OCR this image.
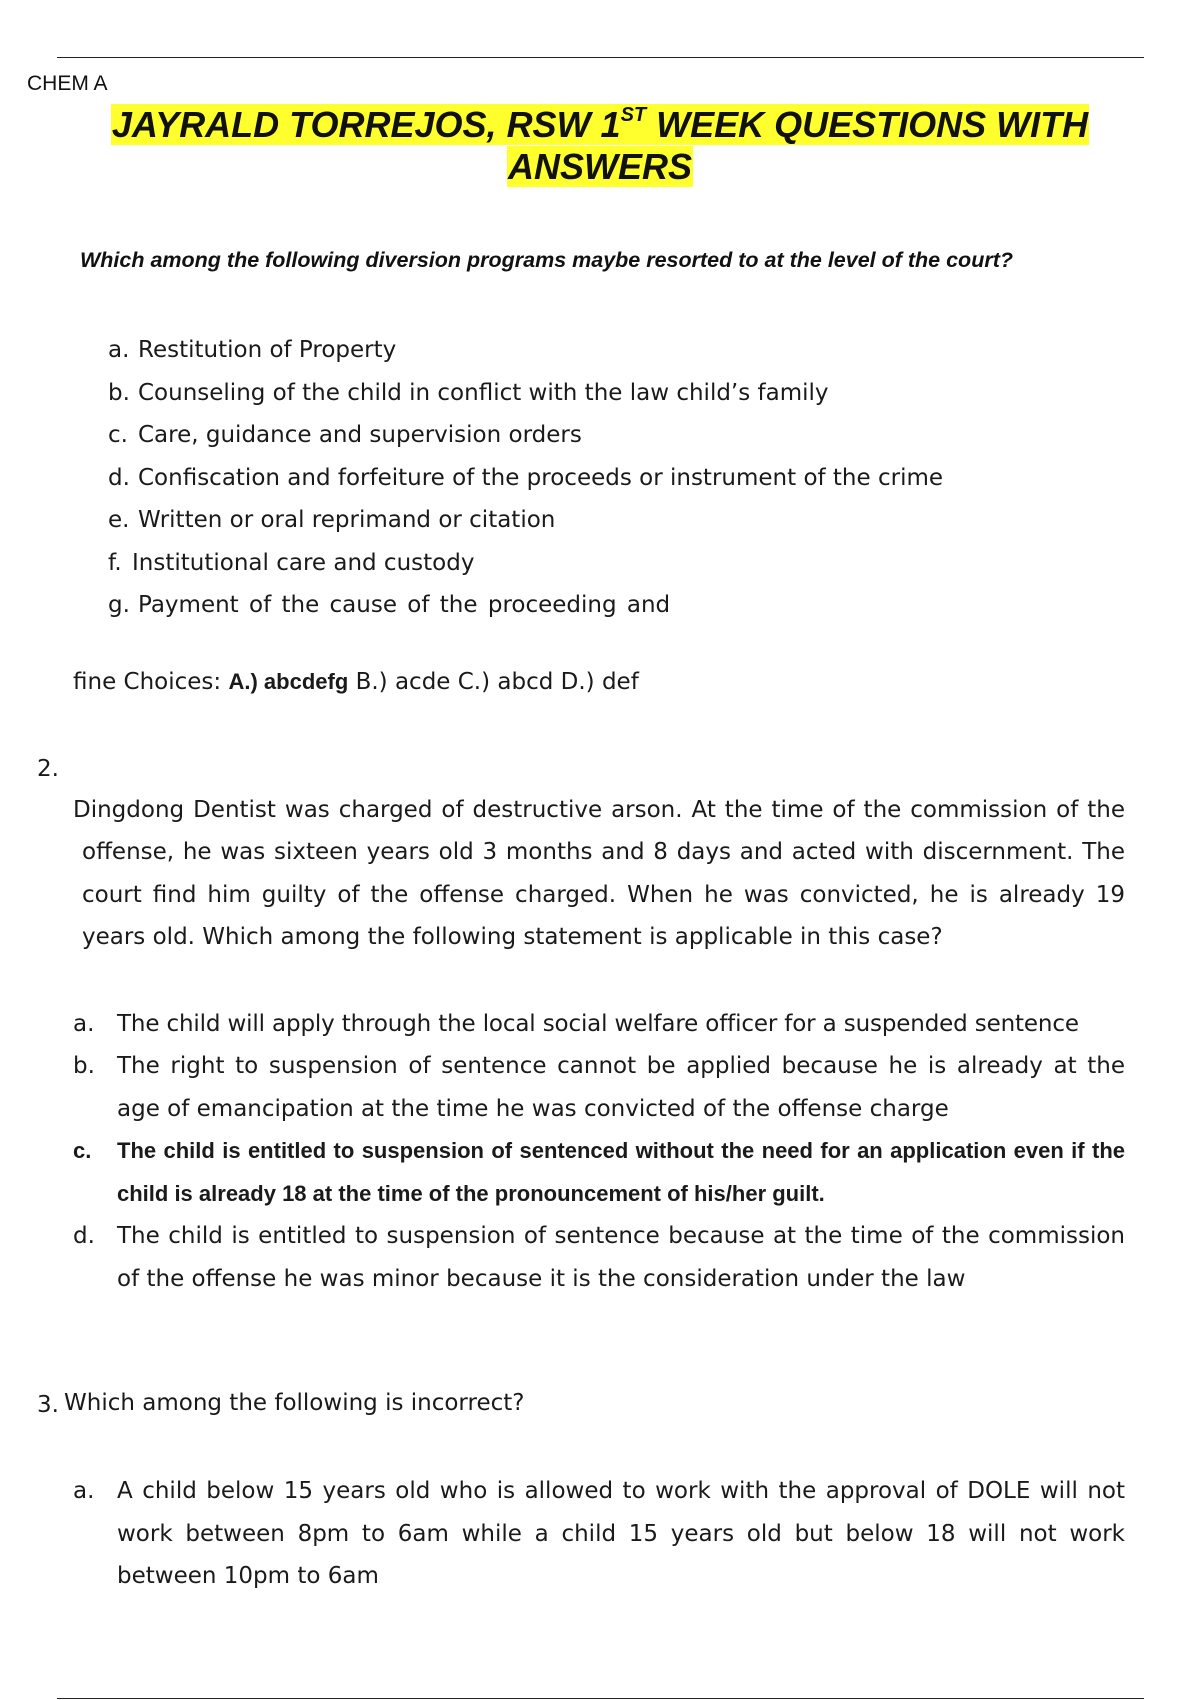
CHEM A
JAYRALD TORREJOS, RSW 1ST WEEK QUESTIONS WITH
ANSWERS
Which among the following diversion programs maybe resorted to at the level of the court?
a. Restitution of Property
b. Counseling of the child in conflict with the law child’s family
c. Care, guidance and supervision orders
d. Confiscation and forfeiture of the proceeds or instrument of the crime
e. Written or oral reprimand or citation
f. Institutional care and custody
g. Payment of the cause of the proceeding and
fine Choices: A.) abcdefg B.) acde C.) abcd D.) def
2.
Dingdong Dentist was charged of destructive arson. At the time of the commission of the offense, he was sixteen years old 3 months and 8 days and acted with discernment. The court find him guilty of the offense charged. When he was convicted, he is already 19 years old. Which among the following statement is applicable in this case?
a. The child will apply through the local social welfare officer for a suspended sentence
b. The right to suspension of sentence cannot be applied because he is already at the age of emancipation at the time he was convicted of the offense charge
c. The child is entitled to suspension of sentenced without the need for an application even if the child is already 18 at the time of the pronouncement of his/her guilt.
d. The child is entitled to suspension of sentence because at the time of the commission of the offense he was minor because it is the consideration under the law
3. Which among the following is incorrect?
a. A child below 15 years old who is allowed to work with the approval of DOLE will not work between 8pm to 6am while a child 15 years old but below 18 will not work between 10pm to 6am
